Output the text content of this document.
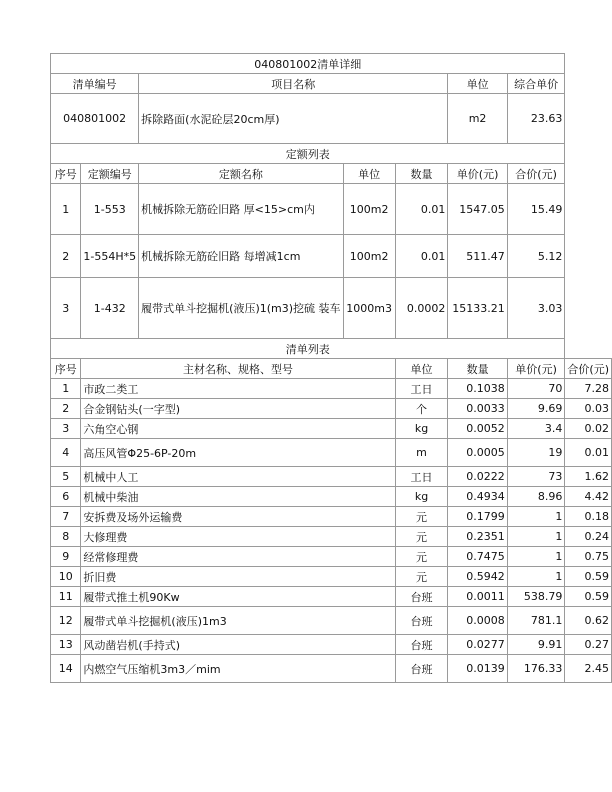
040801002清单详细							
清单编号		项目名称			单位	综合单价	
040801002		拆除路面(水泥砼层20cm厚)			m2	23.63	
定额列表							
序号	定额编号	定额名称	单位	数量	单价(元)	合价(元)	
1	1-553	机械拆除无筋砼旧路 厚<15>cm内	100m2	0.01	1547.05	15.49	
2	1-554H*5	机械拆除无筋砼旧路 每增减1cm	100m2	0.01	511.47	5.12	
3	1-432	履带式单斗挖掘机(液压)1(m3)挖硫 装车	1000m3	0.0002	15133.21	3.03	
清单列表							
序号	主材名称、规格、型号			单位	数量	单价(元)	合价(元)
1	市政二类工			工日	0.1038	70	7.28
2	合金钢钻头(一字型)			个	0.0033	9.69	0.03
3	六角空心钢			kg	0.0052	3.4	0.02
4	高压风管Φ25-6P-20m			m	0.0005	19	0.01
5	机械中人工			工日	0.0222	73	1.62
6	机械中柴油			kg	0.4934	8.96	4.42
7	安拆费及场外运输费			元	0.1799	1	0.18
8	大修理费			元	0.2351	1	0.24
9	经常修理费			元	0.7475	1	0.75
10	折旧费			元	0.5942	1	0.59
11	履带式推土机90Kw			台班	0.0011	538.79	0.59
12	履带式单斗挖掘机(液压)1m3			台班	0.0008	781.1	0.62
13	风动凿岩机(手持式)			台班	0.0277	9.91	0.27
14	内燃空气压缩机3m3／mim			台班	0.0139	176.33	2.45
